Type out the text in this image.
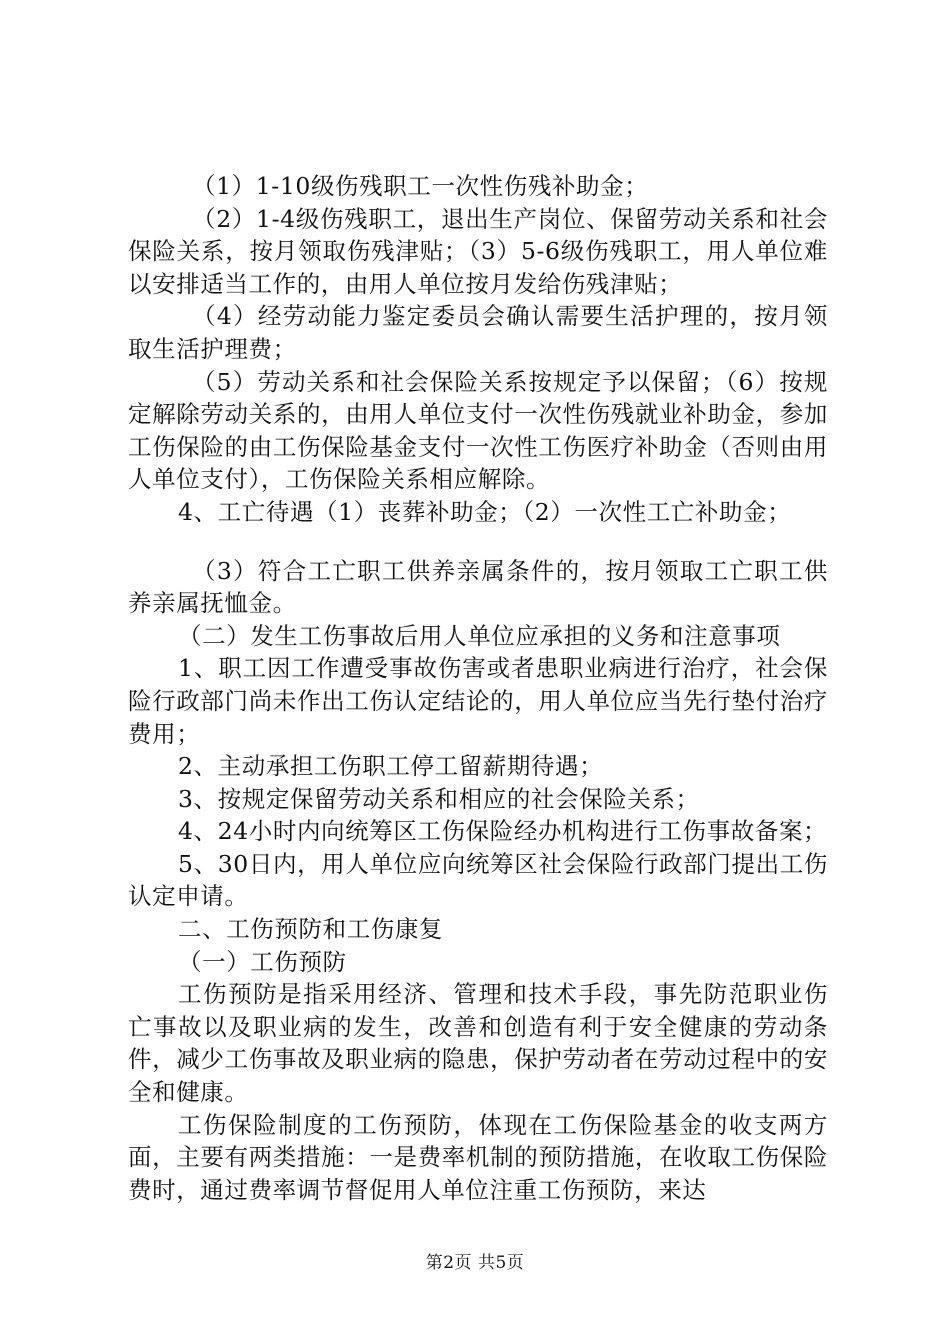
（1）1-10级伤残职工一次性伤残补助金；

（2）1-4级伤残职工，退出生产岗位、保留劳动关系和社会保险关系，按月领取伤残津贴；（3）5-6级伤残职工，用人单位难以安排适当工作的，由用人单位按月发给伤残津贴；

（4）经劳动能力鉴定委员会确认需要生活护理的，按月领取生活护理费；

（5）劳动关系和社会保险关系按规定予以保留；（6）按规定解除劳动关系的，由用人单位支付一次性伤残就业补助金，参加工伤保险的由工伤保险基金支付一次性工伤医疗补助金（否则由用人单位支付），工伤保险关系相应解除。

4、工亡待遇（1）丧葬补助金；（2）一次性工亡补助金；

（3）符合工亡职工供养亲属条件的，按月领取工亡职工供养亲属抚恤金。

（二）发生工伤事故后用人单位应承担的义务和注意事项

1、职工因工作遭受事故伤害或者患职业病进行治疗，社会保险行政部门尚未作出工伤认定结论的，用人单位应当先行垫付治疗费用；

2、主动承担工伤职工停工留薪期待遇；

3、按规定保留劳动关系和相应的社会保险关系；

4、24小时内向统筹区工伤保险经办机构进行工伤事故备案；

5、30日内，用人单位应向统筹区社会保险行政部门提出工伤认定申请。

二、工伤预防和工伤康复

（一）工伤预防

工伤预防是指采用经济、管理和技术手段，事先防范职业伤亡事故以及职业病的发生，改善和创造有利于安全健康的劳动条件，减少工伤事故及职业病的隐患，保护劳动者在劳动过程中的安全和健康。

工伤保险制度的工伤预防，体现在工伤保险基金的收支两方面，主要有两类措施：一是费率机制的预防措施，在收取工伤保险费时，通过费率调节督促用人单位注重工伤预防，来达

第2页 共5页
